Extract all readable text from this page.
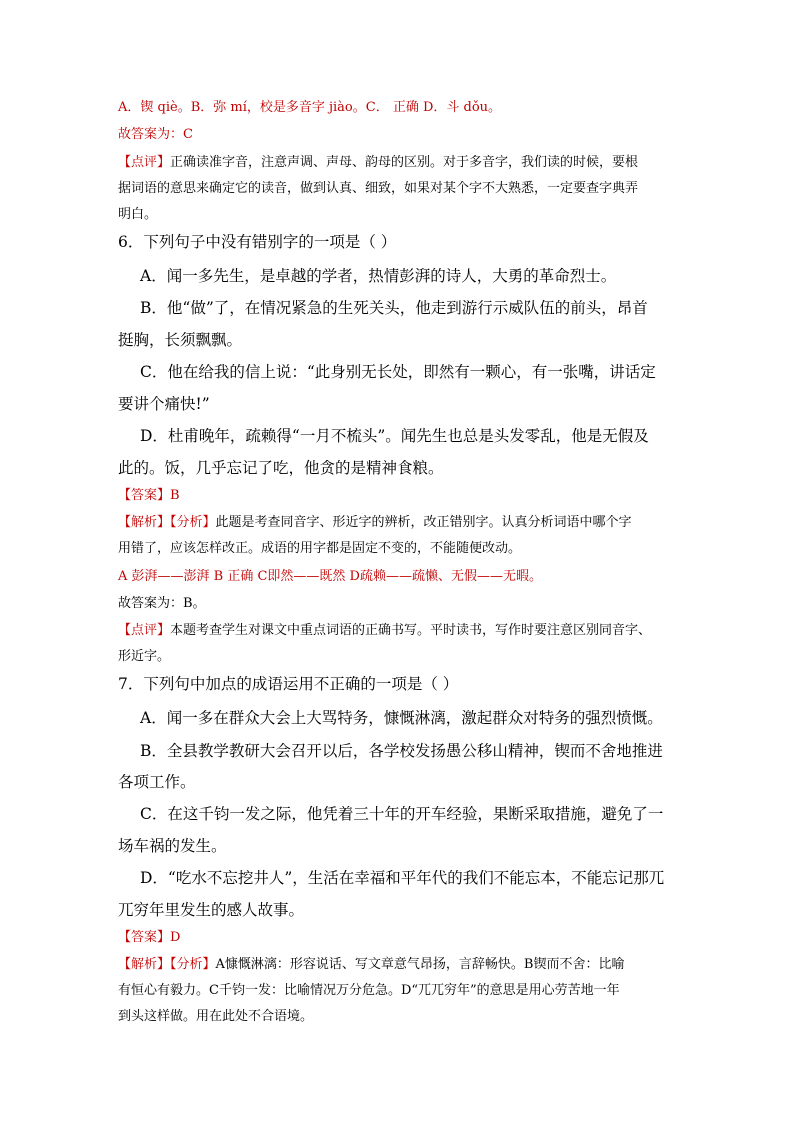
A．锲 qiè。B．弥 mí，校是多音字 jiào。C． 正确 D．斗 dǒu。
故答案为：C
【点评】正确读准字音，注意声调、声母、韵母的区别。对于多音字，我们读的时候，要根
据词语的意思来确定它的读音，做到认真、细致，如果对某个字不大熟悉，一定要查字典弄
明白。
6．下列句子中没有错别字的一项是（ ）
A．闻一多先生，是卓越的学者，热情彭湃的诗人，大勇的革命烈士。
B．他“做”了，在情况紧急的生死关头，他走到游行示威队伍的前头，昂首
挺胸，长须飘飘。
C．他在给我的信上说：“此身别无长处，即然有一颗心，有一张嘴，讲话定
要讲个痛快!”
D．杜甫晚年，疏赖得“一月不梳头”。闻先生也总是头发零乱，他是无假及
此的。饭，几乎忘记了吃，他贪的是精神食粮。
【答案】B
【解析】【分析】此题是考查同音字、形近字的辨析，改正错别字。认真分析词语中哪个字
用错了，应该怎样改正。成语的用字都是固定不变的，不能随便改动。
A 彭湃——澎湃 B 正确 C即然——既然 D疏赖——疏懒、无假——无暇。
故答案为：B。
【点评】本题考查学生对课文中重点词语的正确书写。平时读书，写作时要注意区别同音字、
形近字。
7．下列句中加点的成语运用不正确的一项是（ ）
A．闻一多在群众大会上大骂特务，慷慨淋漓，激起群众对特务的强烈愤慨。
B．全县教学教研大会召开以后，各学校发扬愚公移山精神，锲而不舍地推进
各项工作。
C．在这千钧一发之际，他凭着三十年的开车经验，果断采取措施，避免了一
场车祸的发生。
D．“吃水不忘挖井人”，生活在幸福和平年代的我们不能忘本，不能忘记那兀
兀穷年里发生的感人故事。
【答案】D
【解析】【分析】A慷慨淋漓：形容说话、写文章意气昂扬，言辞畅快。B锲而不舍：比喻
有恒心有毅力。C千钧一发：比喻情况万分危急。D“兀兀穷年”的意思是用心劳苦地一年
到头这样做。用在此处不合语境。
